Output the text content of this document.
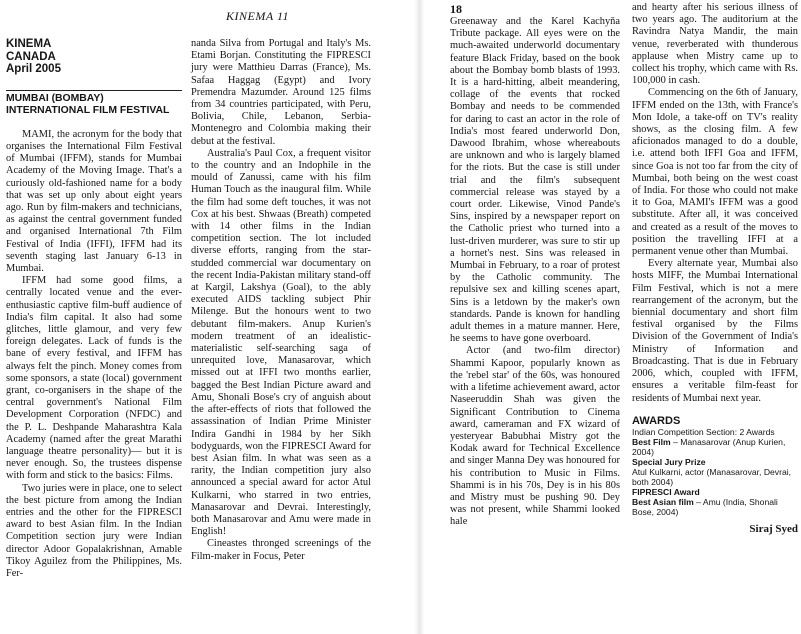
KINEMA 11
KINEMA
CANADA
April 2005
MUMBAI (BOMBAY) INTERNATIONAL FILM FESTIVAL

MAMI, the acronym for the body that organises the International Film Festival of Mumbai (IFFM), stands for Mumbai Academy of the Moving Image. That's a curiously old-fashioned name for a body that was set up only about eight years ago. Run by film-makers and technicians, as against the central government funded and organised International 7th Film Festival of India (IFFI), IFFM had its seventh staging last January 6-13 in Mumbai.

IFFM had some good films, a centrally located venue and the ever-enthusiastic captive film-buff audience of India's film capital. It also had some glitches, little glamour, and very few foreign delegates. Lack of funds is the bane of every festival, and IFFM has always felt the pinch. Money comes from some sponsors, a state (local) government grant, co-organisers in the shape of the central government's National Film Development Corporation (NFDC) and the P. L. Deshpande Maharashtra Kala Academy (named after the great Marathi language theatre personality)— but it is never enough. So, the trustees dispense with form and stick to the basics: Films.

Two juries were in place, one to select the best picture from among the Indian entries and the other for the FIPRESCI award to best Asian film. In the Indian Competition section jury were Indian director Adoor Gopalakrishnan, Amable Tikoy Aguilez from the Philippines, Ms. Fer-

nanda Silva from Portugal and Italy's Ms. Etami Borjan. Constituting the FIPRESCI jury were Matthieu Darras (France), Ms. Safaa Haggag (Egypt) and Ivory Premendra Mazumder. Around 125 films from 34 countries participated, with Peru, Bolivia, Chile, Lebanon, Serbia-Montenegro and Colombia making their debut at the festival.

Australia's Paul Cox, a frequent visitor to the country and an Indophile in the mould of Zanussi, came with his film Human Touch as the inaugural film. While the film had some deft touches, it was not Cox at his best. Shwaas (Breath) competed with 14 other films in the Indian competition section. The lot included diverse efforts, ranging from the star-studded commercial war documentary on the recent India-Pakistan military stand-off at Kargil, Lakshya (Goal), to the ably executed AIDS tackling subject Phir Milenge. But the honours went to two debutant film-makers. Anup Kurien's modern treatment of an idealistic-materialistic self-searching saga of unrequited love, Manasarovar, which missed out at IFFI two months earlier, bagged the Best Indian Picture award and Amu, Shonali Bose's cry of anguish about the after-effects of riots that followed the assassination of Indian Prime Minister Indira Gandhi in 1984 by her Sikh bodyguards, won the FIPRESCI Award for best Asian film. In what was seen as a rarity, the Indian competition jury also announced a special award for actor Atul Kulkarni, who starred in two entries, Manasarovar and Devrai. Interestingly, both Manasarovar and Amu were made in English!

Cineastes thronged screenings of the Film-maker in Focus, Peter

18

Greenaway and the Karel Kachyňa Tribute package. All eyes were on the much-awaited underworld documentary feature Black Friday, based on the book about the Bombay bomb blasts of 1993. It is a hard-hitting, albeit meandering, collage of the events that rocked Bombay and needs to be commended for daring to cast an actor in the role of India's most feared underworld Don, Dawood Ibrahim, whose whereabouts are unknown and who is largely blamed for the riots. But the case is still under trial and the film's subsequent commercial release was stayed by a court order. Likewise, Vinod Pande's Sins, inspired by a newspaper report on the Catholic priest who turned into a lust-driven murderer, was sure to stir up a hornet's nest. Sins was released in Mumbai in February, to a roar of protest by the Catholic community. The repulsive sex and killing scenes apart, Sins is a letdown by the maker's own standards. Pande is known for handling adult themes in a mature manner. Here, he seems to have gone overboard.

Actor (and two-film director) Shammi Kapoor, popularly known as the 'rebel star' of the 60s, was honoured with a lifetime achievement award, actor Naseeruddin Shah was given the Significant Contribution to Cinema award, cameraman and FX wizard of yesteryear Babubhai Mistry got the Kodak award for Technical Excellence and singer Manna Dey was honoured for his contribution to Music in Films. Shammi is in his 70s, Dey is in his 80s and Mistry must be pushing 90. Dey was not present, while Shammi looked hale

and hearty after his serious illness of two years ago. The auditorium at the Ravindra Natya Mandir, the main venue, reverberated with thunderous applause when Mistry came up to collect his trophy, which came with Rs. 100,000 in cash.

Commencing on the 6th of January, IFFM ended on the 13th, with France's Mon Idole, a take-off on TV's reality shows, as the closing film. A few aficionados managed to do a double, i.e. attend both IFFI Goa and IFFM, since Goa is not too far from the city of Mumbai, both being on the west coast of India. For those who could not make it to Goa, MAMI's IFFM was a good substitute. After all, it was conceived and created as a result of the moves to position the travelling IFFI at a permanent venue other than Mumbai.

Every alternate year, Mumbai also hosts MIFF, the Mumbai International Film Festival, which is not a mere rearrangement of the acronym, but the biennial documentary and short film festival organised by the Films Division of the Government of India's Ministry of Information and Broadcasting. That is due in February 2006, which, coupled with IFFM, ensures a veritable film-feast for residents of Mumbai next year.

AWARDS
Indian Competition Section: 2 Awards
Best Film – Manasarovar (Anup Kurien, 2004)
Special Jury Prize
Atul Kulkarni, actor (Manasarovar, Devrai, both 2004)
FIPRESCI Award
Best Asian film – Amu (India, Shonali Bose, 2004)
Siraj Syed
